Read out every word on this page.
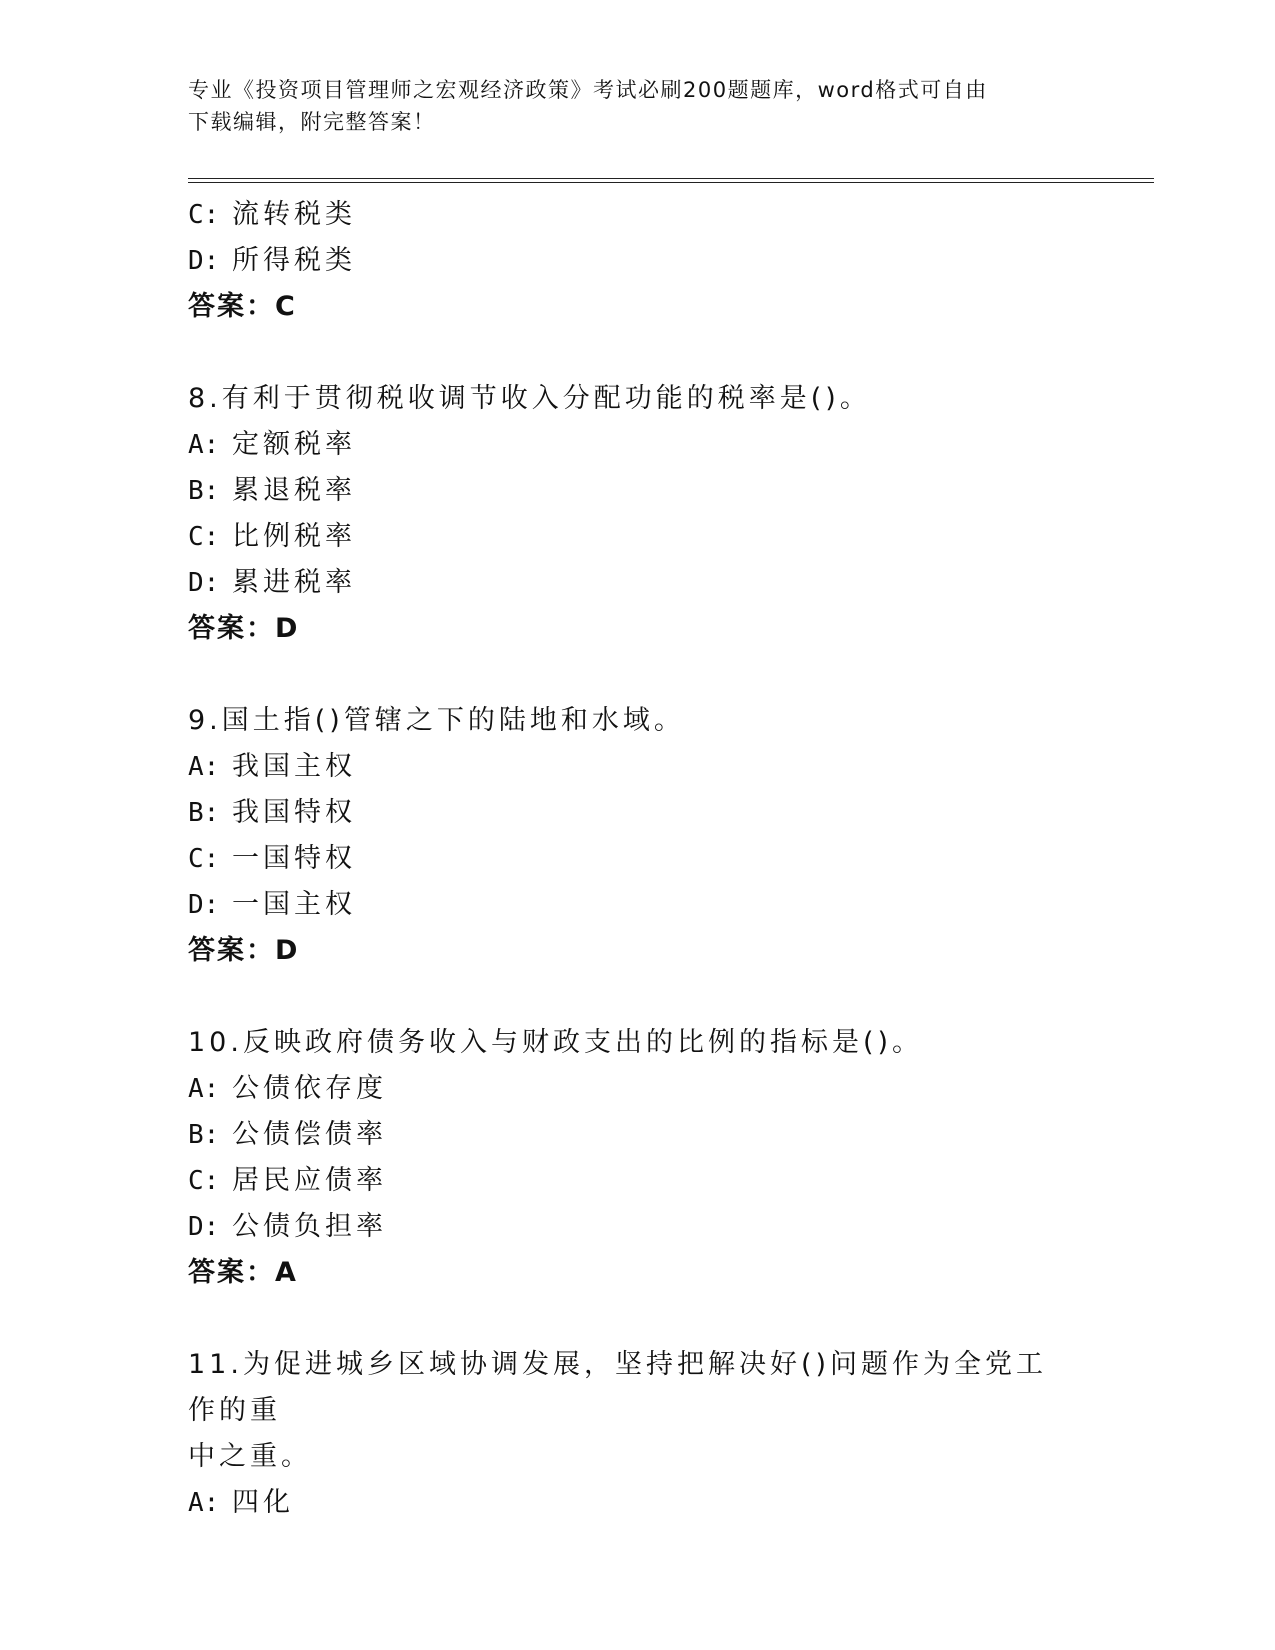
专业《投资项目管理师之宏观经济政策》考试必刷200题题库，word格式可自由
下载编辑，附完整答案！
C: 流转税类
D: 所得税类
答案：C
8.有利于贯彻税收调节收入分配功能的税率是()。
A: 定额税率
B: 累退税率
C: 比例税率
D: 累进税率
答案：D
9.国土指()管辖之下的陆地和水域。
A: 我国主权
B: 我国特权
C: 一国特权
D: 一国主权
答案：D
10.反映政府债务收入与财政支出的比例的指标是()。
A: 公债依存度
B: 公债偿债率
C: 居民应债率
D: 公债负担率
答案：A
11.为促进城乡区域协调发展，坚持把解决好()问题作为全党工作的重
中之重。
A: 四化
